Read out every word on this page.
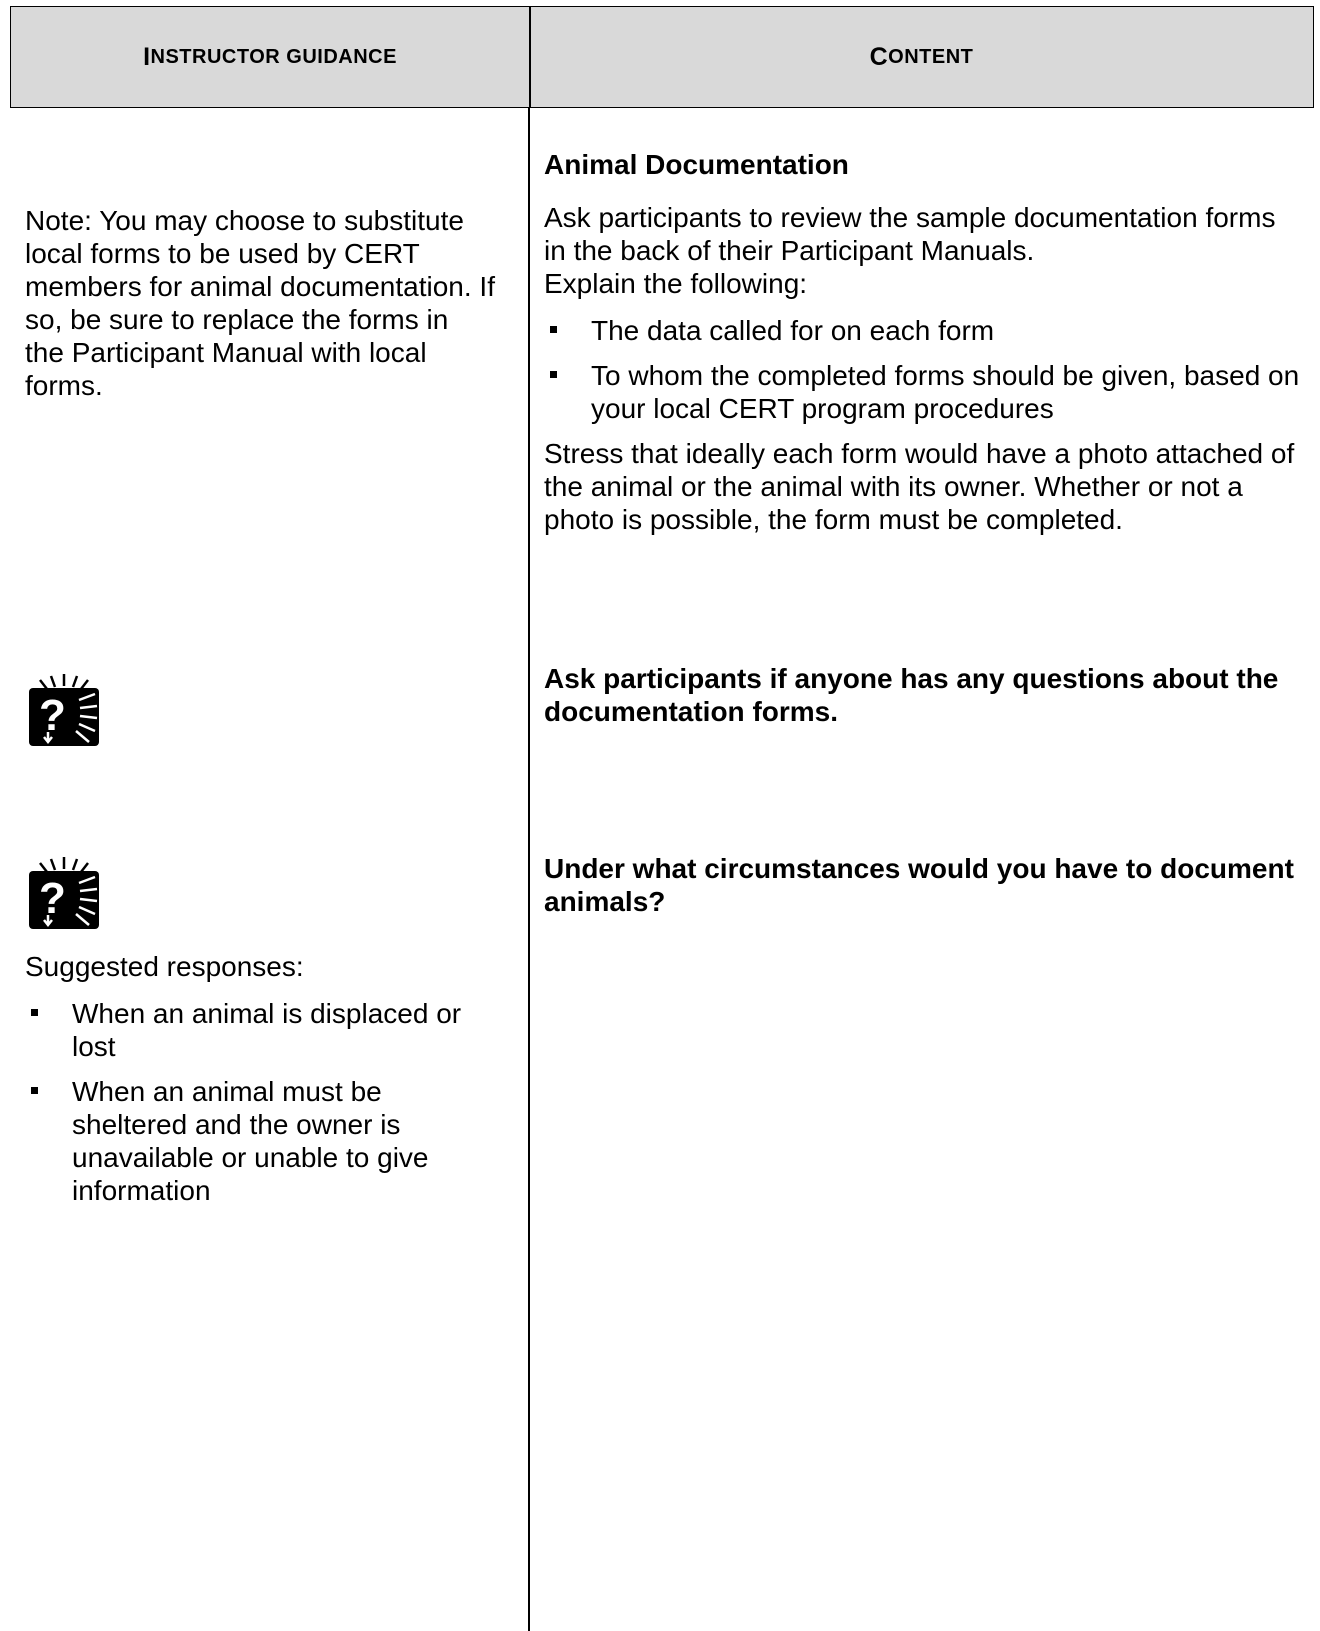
I NSTRUCTOR GUIDANCE	C ONTENT

Note: You may choose to substitute local forms to be used by CERT members for animal documentation. If so, be sure to replace the forms in the Participant Manual with local forms.

?
?

Suggested responses:

When an animal is displaced or lost
When an animal must be sheltered and the owner is unavailable or unable to give information

Animal Documentation

Ask participants to review the sample documentation forms in the back of their Participant Manuals.

Explain the following:

The data called for on each form
To whom the completed forms should be given, based on your local CERT program procedures

Stress that ideally each form would have a photo attached of the animal or the animal with its owner. Whether or not a photo is possible, the form must be completed.

Ask participants if anyone has any questions about the documentation forms.

Under what circumstances would you have to document animals?
